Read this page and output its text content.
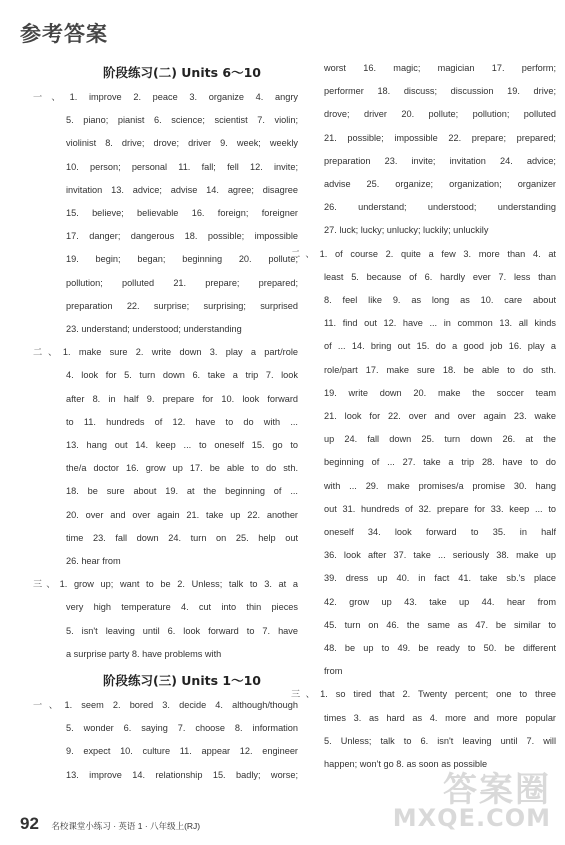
参考答案
阶段练习(二) Units 6～10
一、1. improve 2. peace 3. organize 4. angry
5. piano; pianist 6. science; scientist 7. violin;
violinist 8. drive; drove; driver 9. week; weekly
10. person; personal 11. fall; fell 12. invite;
invitation 13. advice; advise 14. agree; disagree
15. believe; believable 16. foreign; foreigner
17. danger; dangerous 18. possible; impossible
19. begin; began; beginning 20. pollute;
pollution; polluted 21. prepare; prepared;
preparation 22. surprise; surprising; surprised
23. understand; understood; understanding
二、1. make sure 2. write down 3. play a part/role
4. look for 5. turn down 6. take a trip 7. look
after 8. in half 9. prepare for 10. look forward
to 11. hundreds of 12. have to do with ...
13. hang out 14. keep ... to oneself 15. go to
the/a doctor 16. grow up 17. be able to do sth.
18. be sure about 19. at the beginning of ...
20. over and over again 21. take up 22. another
time 23. fall down 24. turn on 25. help out
26. hear from
三、1. grow up; want to be 2. Unless; talk to 3. at a
very high temperature 4. cut into thin pieces
5. isn't leaving until 6. look forward to 7. have
a surprise party 8. have problems with
阶段练习(三) Units 1～10
一、1. seem 2. bored 3. decide 4. although/though
5. wonder 6. saying 7. choose 8. information
9. expect 10. culture 11. appear 12. engineer
13. improve 14. relationship 15. badly; worse;
worst 16. magic; magician 17. perform;
performer 18. discuss; discussion 19. drive;
drove; driver 20. pollute; pollution; polluted
21. possible; impossible 22. prepare; prepared;
preparation 23. invite; invitation 24. advice;
advise 25. organize; organization; organizer
26. understand; understood; understanding
27. luck; lucky; unlucky; luckily; unluckily
二、1. of course 2. quite a few 3. more than 4. at
least 5. because of 6. hardly ever 7. less than
8. feel like 9. as long as 10. care about
11. find out 12. have ... in common 13. all kinds
of ... 14. bring out 15. do a good job 16. play a
role/part 17. make sure 18. be able to do sth.
19. write down 20. make the soccer team
21. look for 22. over and over again 23. wake
up 24. fall down 25. turn down 26. at the
beginning of ... 27. take a trip 28. have to do
with ... 29. make promises/a promise 30. hang
out 31. hundreds of 32. prepare for 33. keep ... to
oneself 34. look forward to 35. in half
36. look after 37. take ... seriously 38. make up
39. dress up 40. in fact 41. take sb.'s place
42. grow up 43. take up 44. hear from
45. turn on 46. the same as 47. be similar to
48. be up to 49. be ready to 50. be different
from
三、1. so tired that 2. Twenty percent; one to three
times 3. as hard as 4. more and more popular
5. Unless; talk to 6. isn't leaving until 7. will
happen; won't go 8. as soon as possible
答案圈
MXQE.COM
92 名校课堂小练习 · 英语 1 · 八年级上(RJ)
